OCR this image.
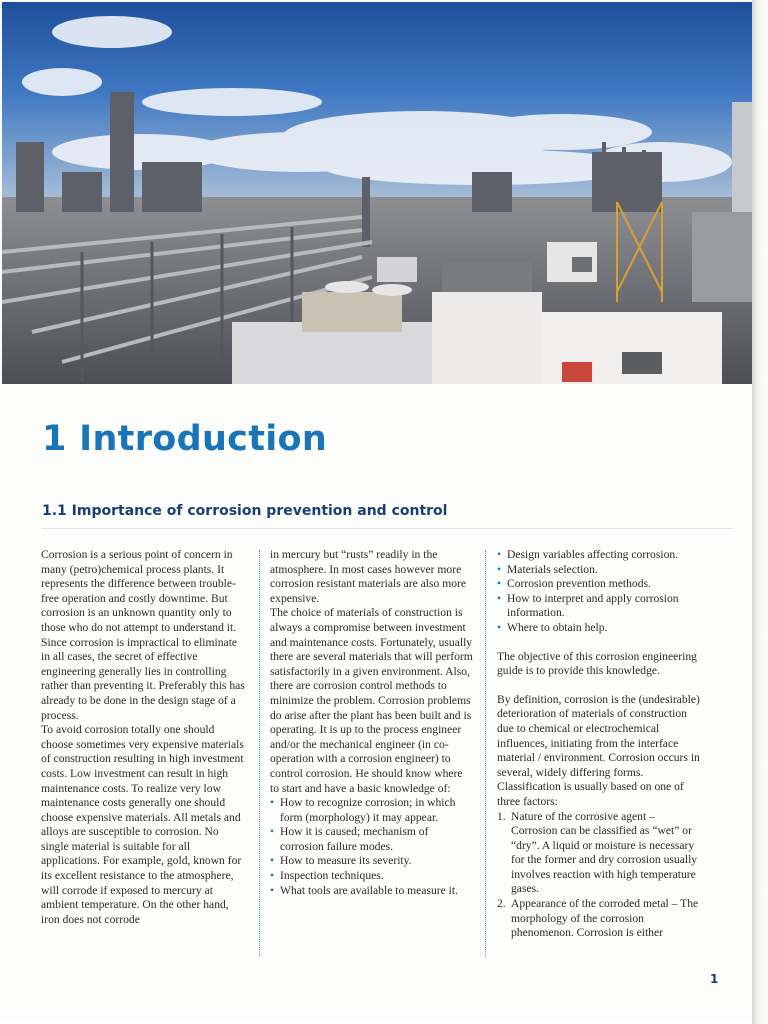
1 Introduction
1.1 Importance of corrosion prevention and control

Corrosion is a serious point of concern in many (petro)chemical process plants. It represents the difference between trouble-free operation and costly downtime. But corrosion is an unknown quantity only to those who do not attempt to understand it. Since corrosion is impractical to eliminate in all cases, the secret of effective engineering generally lies in controlling rather than preventing it. Preferably this has already to be done in the design stage of a process.

To avoid corrosion totally one should choose sometimes very expensive materials of construction resulting in high investment costs. Low investment can result in high maintenance costs. To realize very low maintenance costs generally one should choose expensive materials. All metals and alloys are susceptible to corrosion. No single material is suitable for all applications. For example, gold, known for its excellent resistance to the atmosphere, will corrode if exposed to mercury at ambient temperature. On the other hand, iron does not corrode

in mercury but “rusts” readily in the atmosphere. In most cases however more corrosion resistant materials are also more expensive.

The choice of materials of construction is always a compromise between investment and maintenance costs. Fortunately, usually there are several materials that will perform satisfactorily in a given environment. Also, there are corrosion control methods to minimize the problem. Corrosion problems do arise after the plant has been built and is operating. It is up to the process engineer and/or the mechanical engineer (in co-operation with a corrosion engineer) to control corrosion. He should know where to start and have a basic knowledge of:

• How to recognize corrosion; in which form (morphology) it may appear.
• How it is caused; mechanism of corrosion failure modes.
• How to measure its severity.
• Inspection techniques.
• What tools are available to measure it.
• Design variables affecting corrosion.
• Materials selection.
• Corrosion prevention methods.
• How to interpret and apply corrosion information.
• Where to obtain help.

The objective of this corrosion engineering guide is to provide this knowledge.

By definition, corrosion is the (undesirable) deterioration of materials of construction due to chemical or electrochemical influences, initiating from the interface material / environment. Corrosion occurs in several, widely differing forms. Classification is usually based on one of three factors:

1. Nature of the corrosive agent – Corrosion can be classified as “wet” or “dry”. A liquid or moisture is necessary for the former and dry corrosion usually involves reaction with high temperature gases.
2. Appearance of the corroded metal – The morphology of the corrosion phenomenon. Corrosion is either
1
